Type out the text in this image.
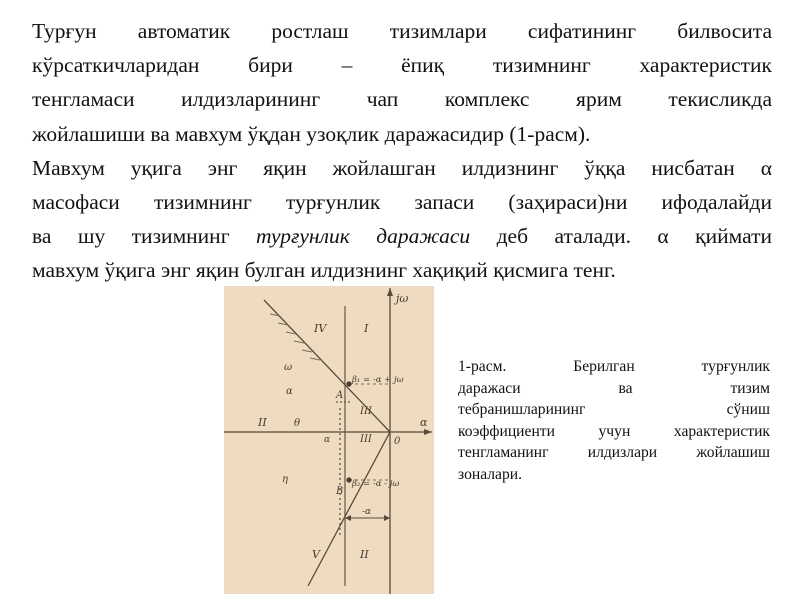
Турғун автоматик ростлаш тизимлари сифатининг билвосита
кўрсаткичларидан бири – ёпиқ тизимнинг характеристик
тенгламаси илдизларининг чап комплекс ярим текисликда
жойлашиши ва мавхум ўқдан узоқлик даражасидир (1-расм).
Мавхум уқига энг яқин жойлашган илдизнинг ўққа нисбатан α
масофаси тизимнинг турғунлик запаси (заҳираси)ни ифодалайди
ва шу тизимнинг турғунлик даражаси деб аталади. α қиймати
мавхум ўқига энг яқин булган илдизнинг хақиқий қисмига тенг.
jω
α
II
IV	I
III
III
V	II
A
B
ω
β₁ = -α + jω
β₂ = -α - jω
-α
0
η
θ
α
α
1-расм. Берилган турғунлик
даражаси ва тизим
тебранишларининг сўниш
коэффициенти учун характеристик
тенгламанинг илдизлари жойлашиш
зоналари.
